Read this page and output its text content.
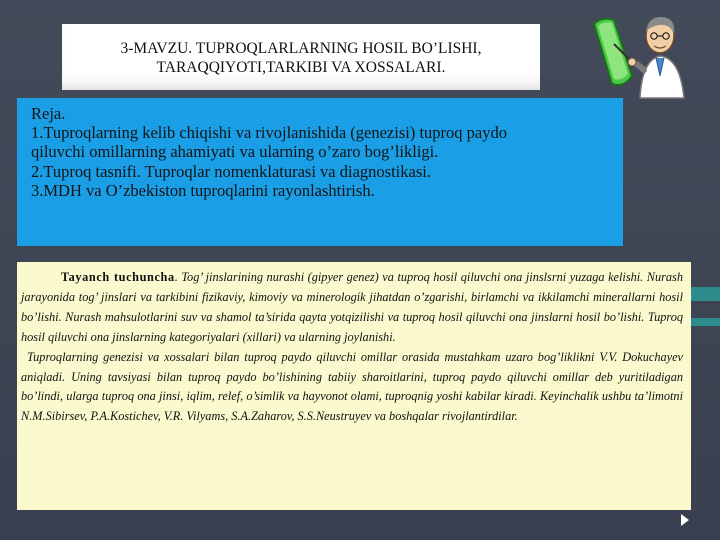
3-MAVZU. TUPROQLARLARNING HOSIL BO’LISHI,
TARAQQIYOTI,TARKIBI VA XOSSALARI.
Reja.
1.Tuproqlarning kelib chiqishi va rivojlanishida (genezisi) tuproq paydo
qiluvchi omillarning ahamiyati va ularning o’zaro bog’likligi.
2.Tuproq tasnifi. Tuproqlar nomenklaturasi va diagnostikasi.
3.MDH va O’zbekiston tuproqlarini rayonlashtirish.

Tayanch tuchuncha. Tog’ jinslarining nurashi (gipyer genez) va tuproq hosil qiluvchi ona jinslsrni yuzaga kelishi. Nurash jarayonida tog’ jinslari va tarkibini fizikaviy, kimoviy va minerologik jihatdan o’zgarishi, birlamchi va ikkilamchi minerallarni hosil bo’lishi. Nurash mahsulotlarini suv va shamol ta’sirida qayta yotqizilishi va tuproq hosil qiluvchi ona jinslarni hosil bo’lishi. Tuproq hosil qiluvchi ona jinslarning kategoriyalari (xillari) va ularning joylanishi.

Tuproqlarning genezisi va xossalari bilan tuproq paydo qiluvchi omillar orasida mustahkam uzaro bog’liklikni V.V. Dokuchayev aniqladi. Uning tavsiyasi bilan tuproq paydo bo’lishining tabiiy sharoitlarini, tuproq paydo qiluvchi omillar deb yuritiladigan bo’lindi, ularga tuproq ona jinsi, iqlim, relef, o’simlik va hayvonot olami, tuproqnig yoshi kabilar kiradi. Keyinchalik ushbu ta’limotni N.M.Sibirsev, P.A.Kostichev, V.R. Vilyams, S.A.Zaharov, S.S.Neustruyev va boshqalar rivojlantirdilar.
